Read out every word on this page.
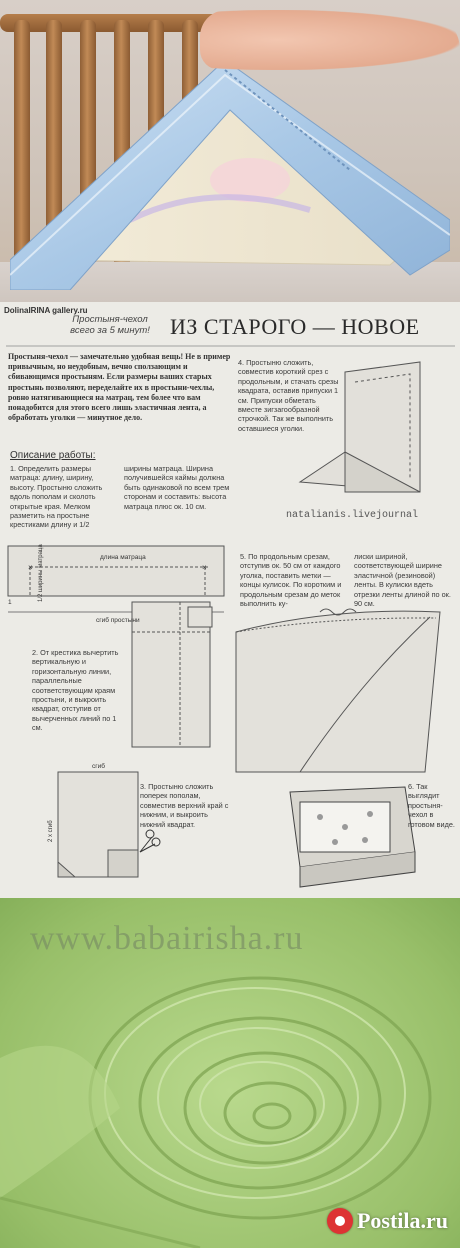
×	×
длина матраца
сгиб простыни
сгиб
1
1/2 ширины матраца
2 х сгиб
DolinaIRINA gallery.ru
Простыня-чехол всего за 5 минут! ИЗ СТАРОГО — НОВОЕ
Простыня-чехол — замечательно удобная вещь! Не в пример привычным, но неудобным, вечно сползающим и сбивающимся простыням. Если размеры ваших старых простынь позволяют, переделайте их в простыни-чехлы, ровно натягивающиеся на матрац, тем более что вам понадобится для этого всего лишь эластичная лента, а обработать уголки — минутное дело.
Описание работы:
1. Определить размеры матраца: длину, ширину, высоту. Простыню сложить вдоль пополам и сколоть открытые края. Мелком разметить на простыне крестиками длину и 1/2
ширины матраца. Ширина получившейся каймы должна быть одинаковой по всем трем сторонам и составить: высота матраца плюс ок. 10 см.
4. Простыню сложить, совместив короткий срез с продольным, и стачать срезы квадрата, оставив припуски 1 см. Припуски обметать вместе зигзагообразной строчкой. Так же выполнить оставшиеся уголки.
natalianis.livejournal
2. От крестика вычертить вертикальную и горизонтальную линии, параллельные соответствующим краям простыни, и выкроить квадрат, отступив от вычерченных линий по 1 см.
3. Простыню сложить поперек пополам, совместив верхний край с нижним, и выкроить нижний квадрат.
5. По продольным срезам, отступив ок. 50 см от каждого уголка, поставить метки — концы кулисок. По коротким и продольным срезам до меток выполнить ку-
лиски шириной, соответствующей ширине эластичной (резиновой) ленты. В кулиски вдеть отрезки ленты длиной по ок. 90 см.
6. Так выглядит простыня-чехол в готовом виде.
www.babairisha.ru
Postila.ru
